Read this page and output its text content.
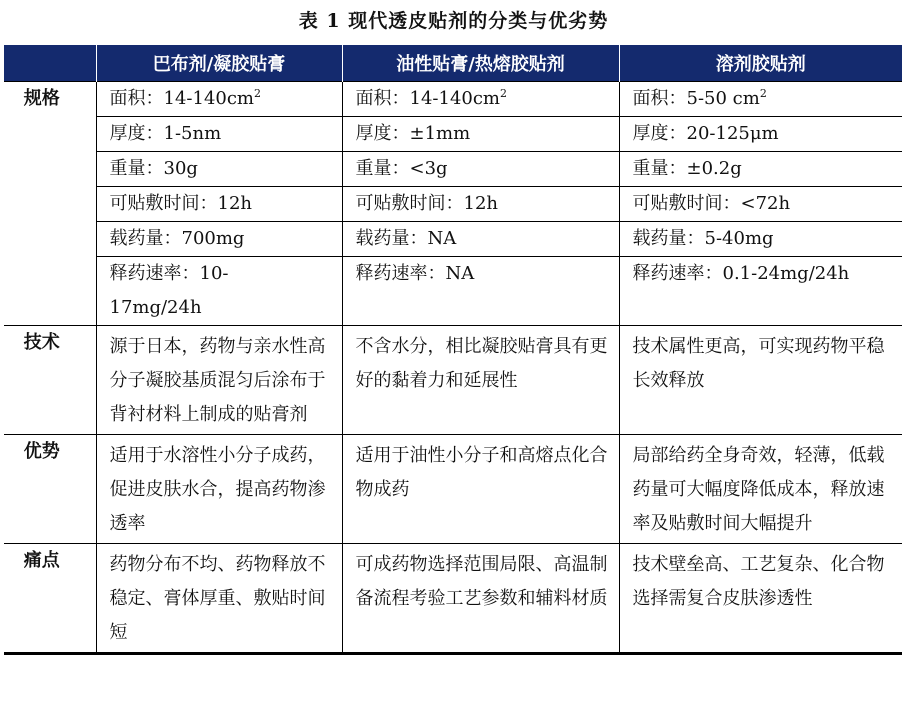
表 1 现代透皮贴剂的分类与优劣势
	巴布剂/凝胶贴膏	油性贴膏/热熔胶贴剂	溶剂胶贴剂
规格	面积：$14-140cm^2$	面积：$14-140cm^2$	面积：5-50 $cm^2$
	厚度：1-5nm	厚度：±1mm	厚度：20-125μm
	重量：30g	重量：<3g	重量：±0.2g
	可贴敷时间：12h	可贴敷时间：12h	可贴敷时间：<72h
	载药量：700mg	载药量：NA	载药量：5-40mg
	释药速率：10-17mg/24h	释药速率：NA	释药速率：0.1-24mg/24h
技术	源于日本，药物与亲水性高分子凝胶基质混匀后涂布于背衬材料上制成的贴膏剂	不含水分，相比凝胶贴膏具有更好的黏着力和延展性	技术属性更高，可实现药物平稳长效释放
优势	适用于水溶性小分子成药，促进皮肤水合，提高药物渗透率	适用于油性小分子和高熔点化合物成药	局部给药全身奇效，轻薄，低载药量可大幅度降低成本，释放速率及贴敷时间大幅提升
痛点	药物分布不均、药物释放不稳定、膏体厚重、敷贴时间短	可成药物选择范围局限、高温制备流程考验工艺参数和辅料材质	技术壁垒高、工艺复杂、化合物选择需复合皮肤渗透性
